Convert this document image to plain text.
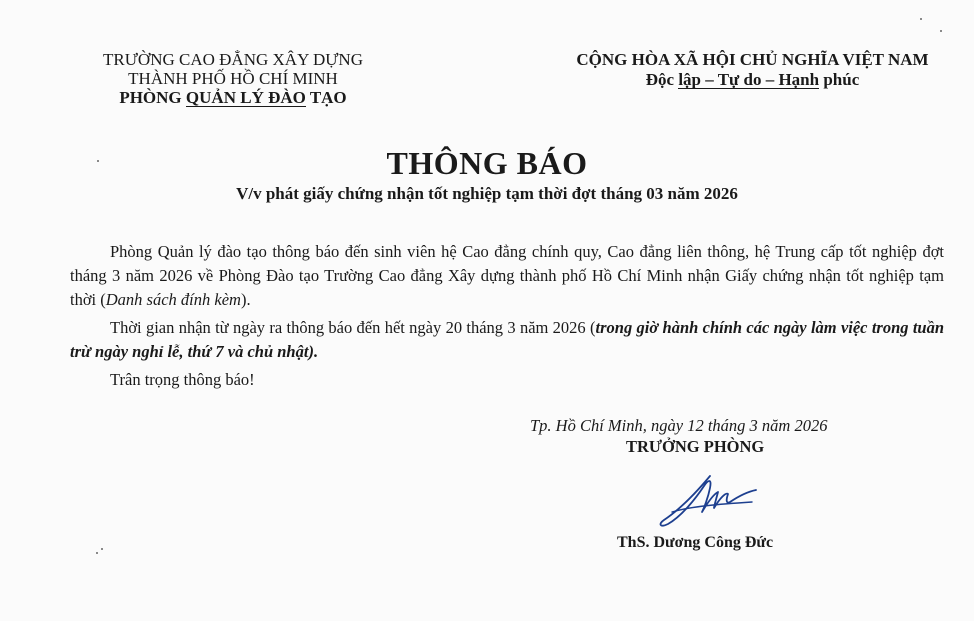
TRƯỜNG CAO ĐẲNG XÂY DỰNG
THÀNH PHỐ HỒ CHÍ MINH
PHÒNG QUẢN LÝ ĐÀO TẠO
CỘNG HÒA XÃ HỘI CHỦ NGHĨA VIỆT NAM
Độc lập – Tự do – Hạnh phúc
THÔNG BÁO
V/v phát giấy chứng nhận tốt nghiệp tạm thời đợt tháng 03 năm 2026

Phòng Quản lý đào tạo thông báo đến sinh viên hệ Cao đẳng chính quy, Cao đẳng liên thông, hệ Trung cấp tốt nghiệp đợt tháng 3 năm 2026 về Phòng Đào tạo Trường Cao đẳng Xây dựng thành phố Hồ Chí Minh nhận Giấy chứng nhận tốt nghiệp tạm thời (Danh sách đính kèm).

Thời gian nhận từ ngày ra thông báo đến hết ngày 20 tháng 3 năm 2026 (trong giờ hành chính các ngày làm việc trong tuần trừ ngày nghỉ lễ, thứ 7 và chủ nhật).

Trân trọng thông báo!

Tp. Hồ Chí Minh, ngày 12 tháng 3 năm 2026
TRƯỞNG PHÒNG
ThS. Dương Công Đức
